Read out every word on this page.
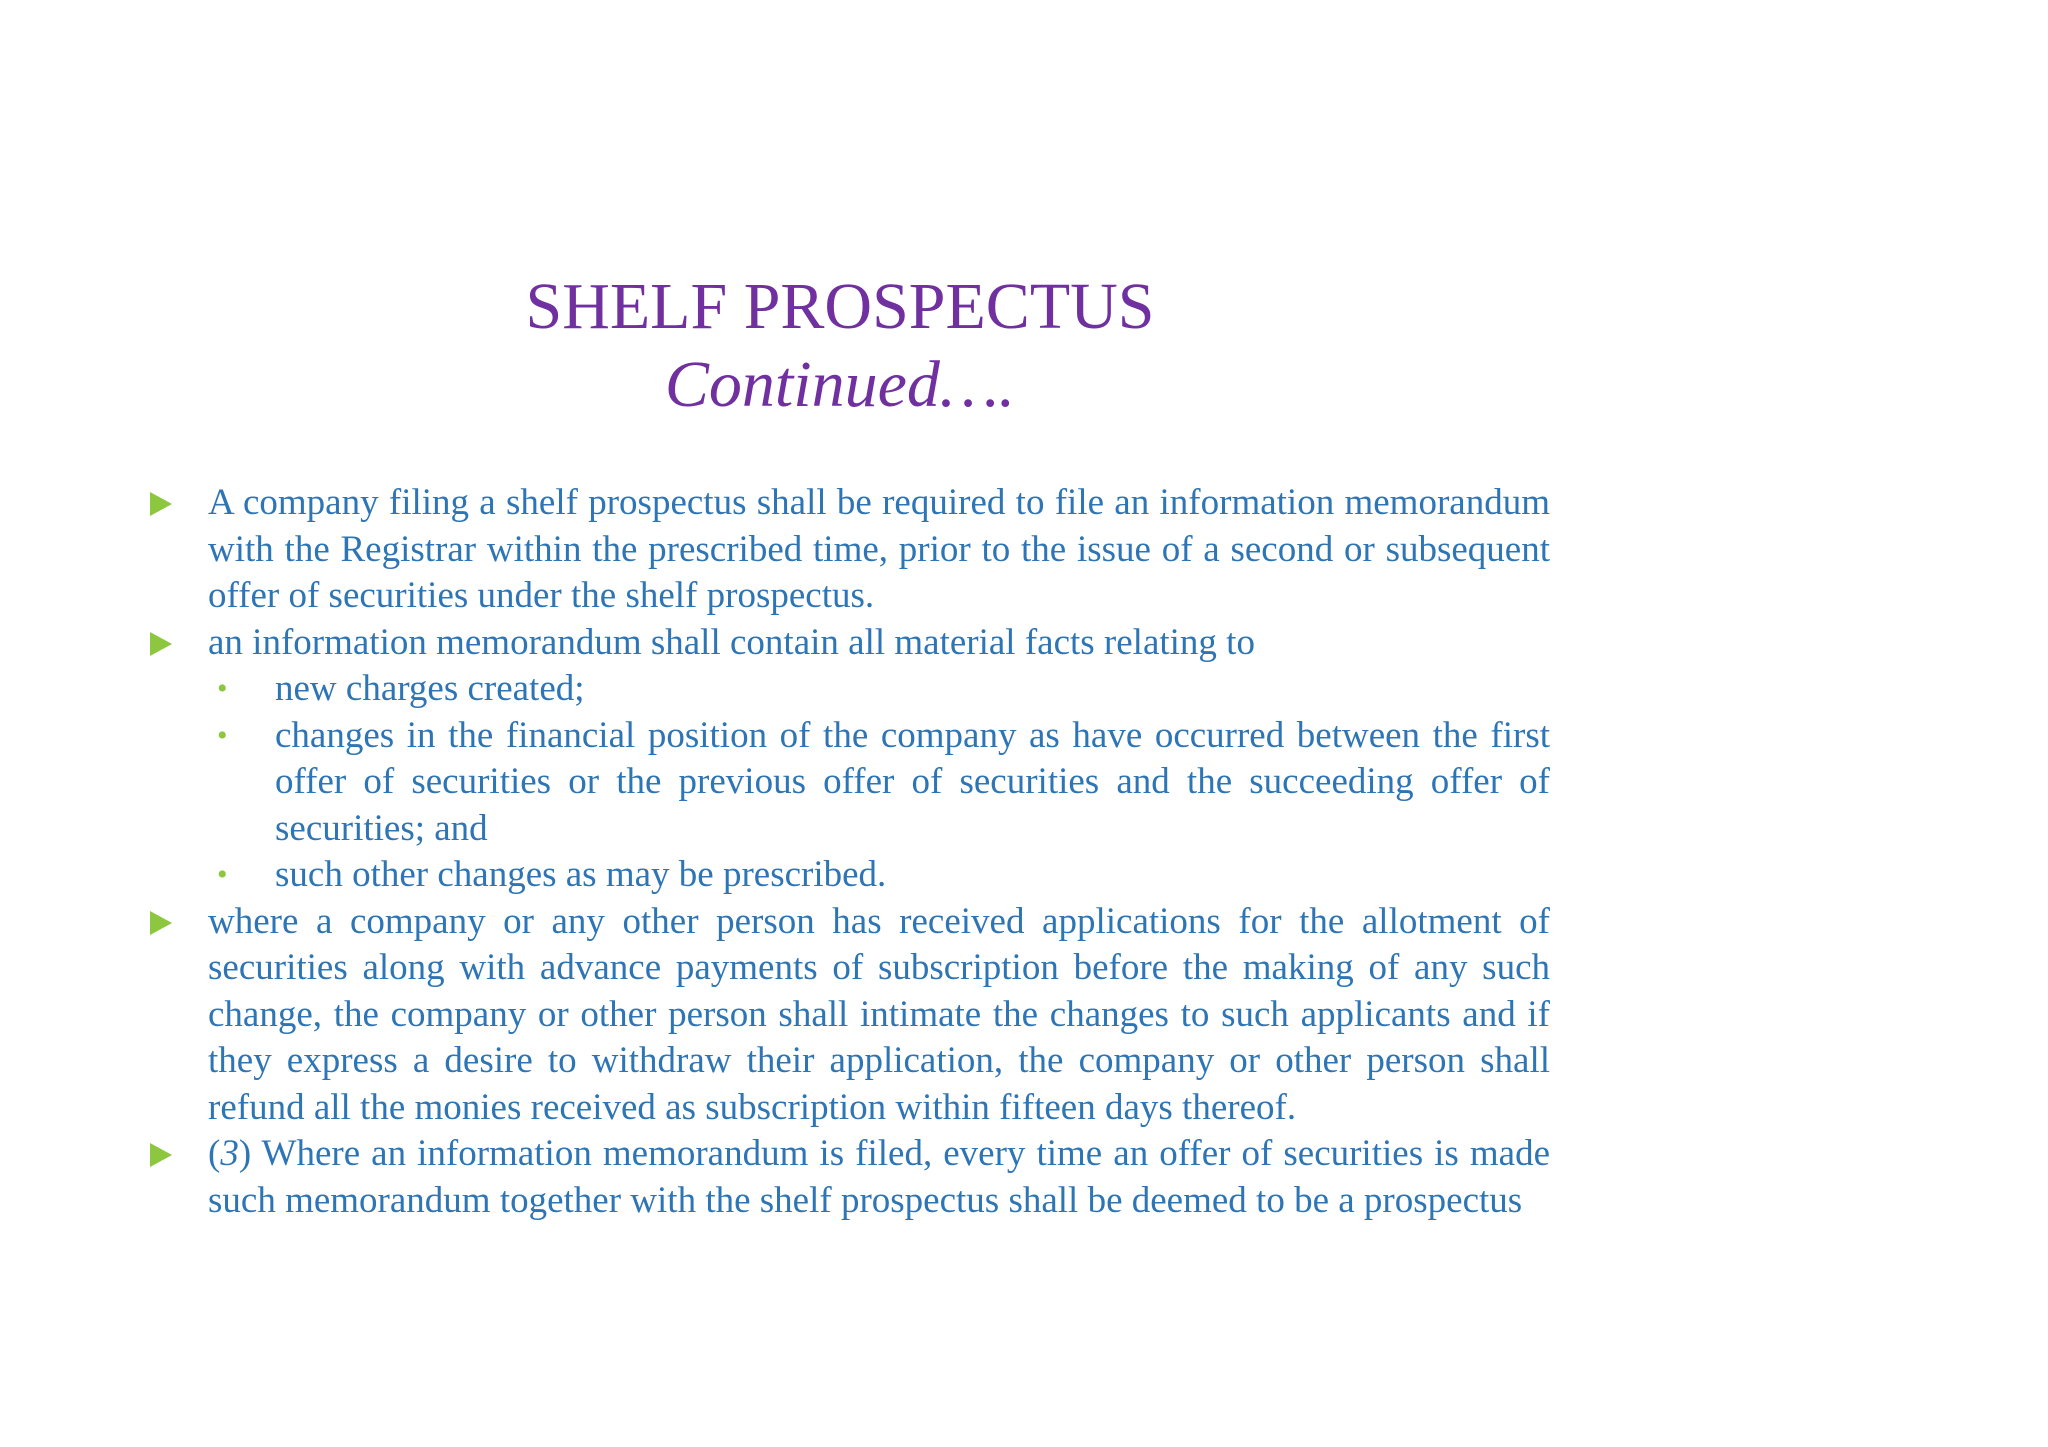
SHELF PROSPECTUS
Continued….
A company filing a shelf prospectus shall be required to file an information memorandum with the Registrar within the prescribed time, prior to the issue of a second or subsequent offer of securities under the shelf prospectus.
an information memorandum shall contain all material facts relating to
• new charges created;
• changes in the financial position of the company as have occurred between the first offer of securities or the previous offer of securities and the succeeding offer of securities; and
• such other changes as may be prescribed.
where a company or any other person has received applications for the allotment of securities along with advance payments of subscription before the making of any such change, the company or other person shall intimate the changes to such applicants and if they express a desire to withdraw their application, the company or other person shall refund all the monies received as subscription within fifteen days thereof.
(3) Where an information memorandum is filed, every time an offer of securities is made such memorandum together with the shelf prospectus shall be deemed to be a prospectus
